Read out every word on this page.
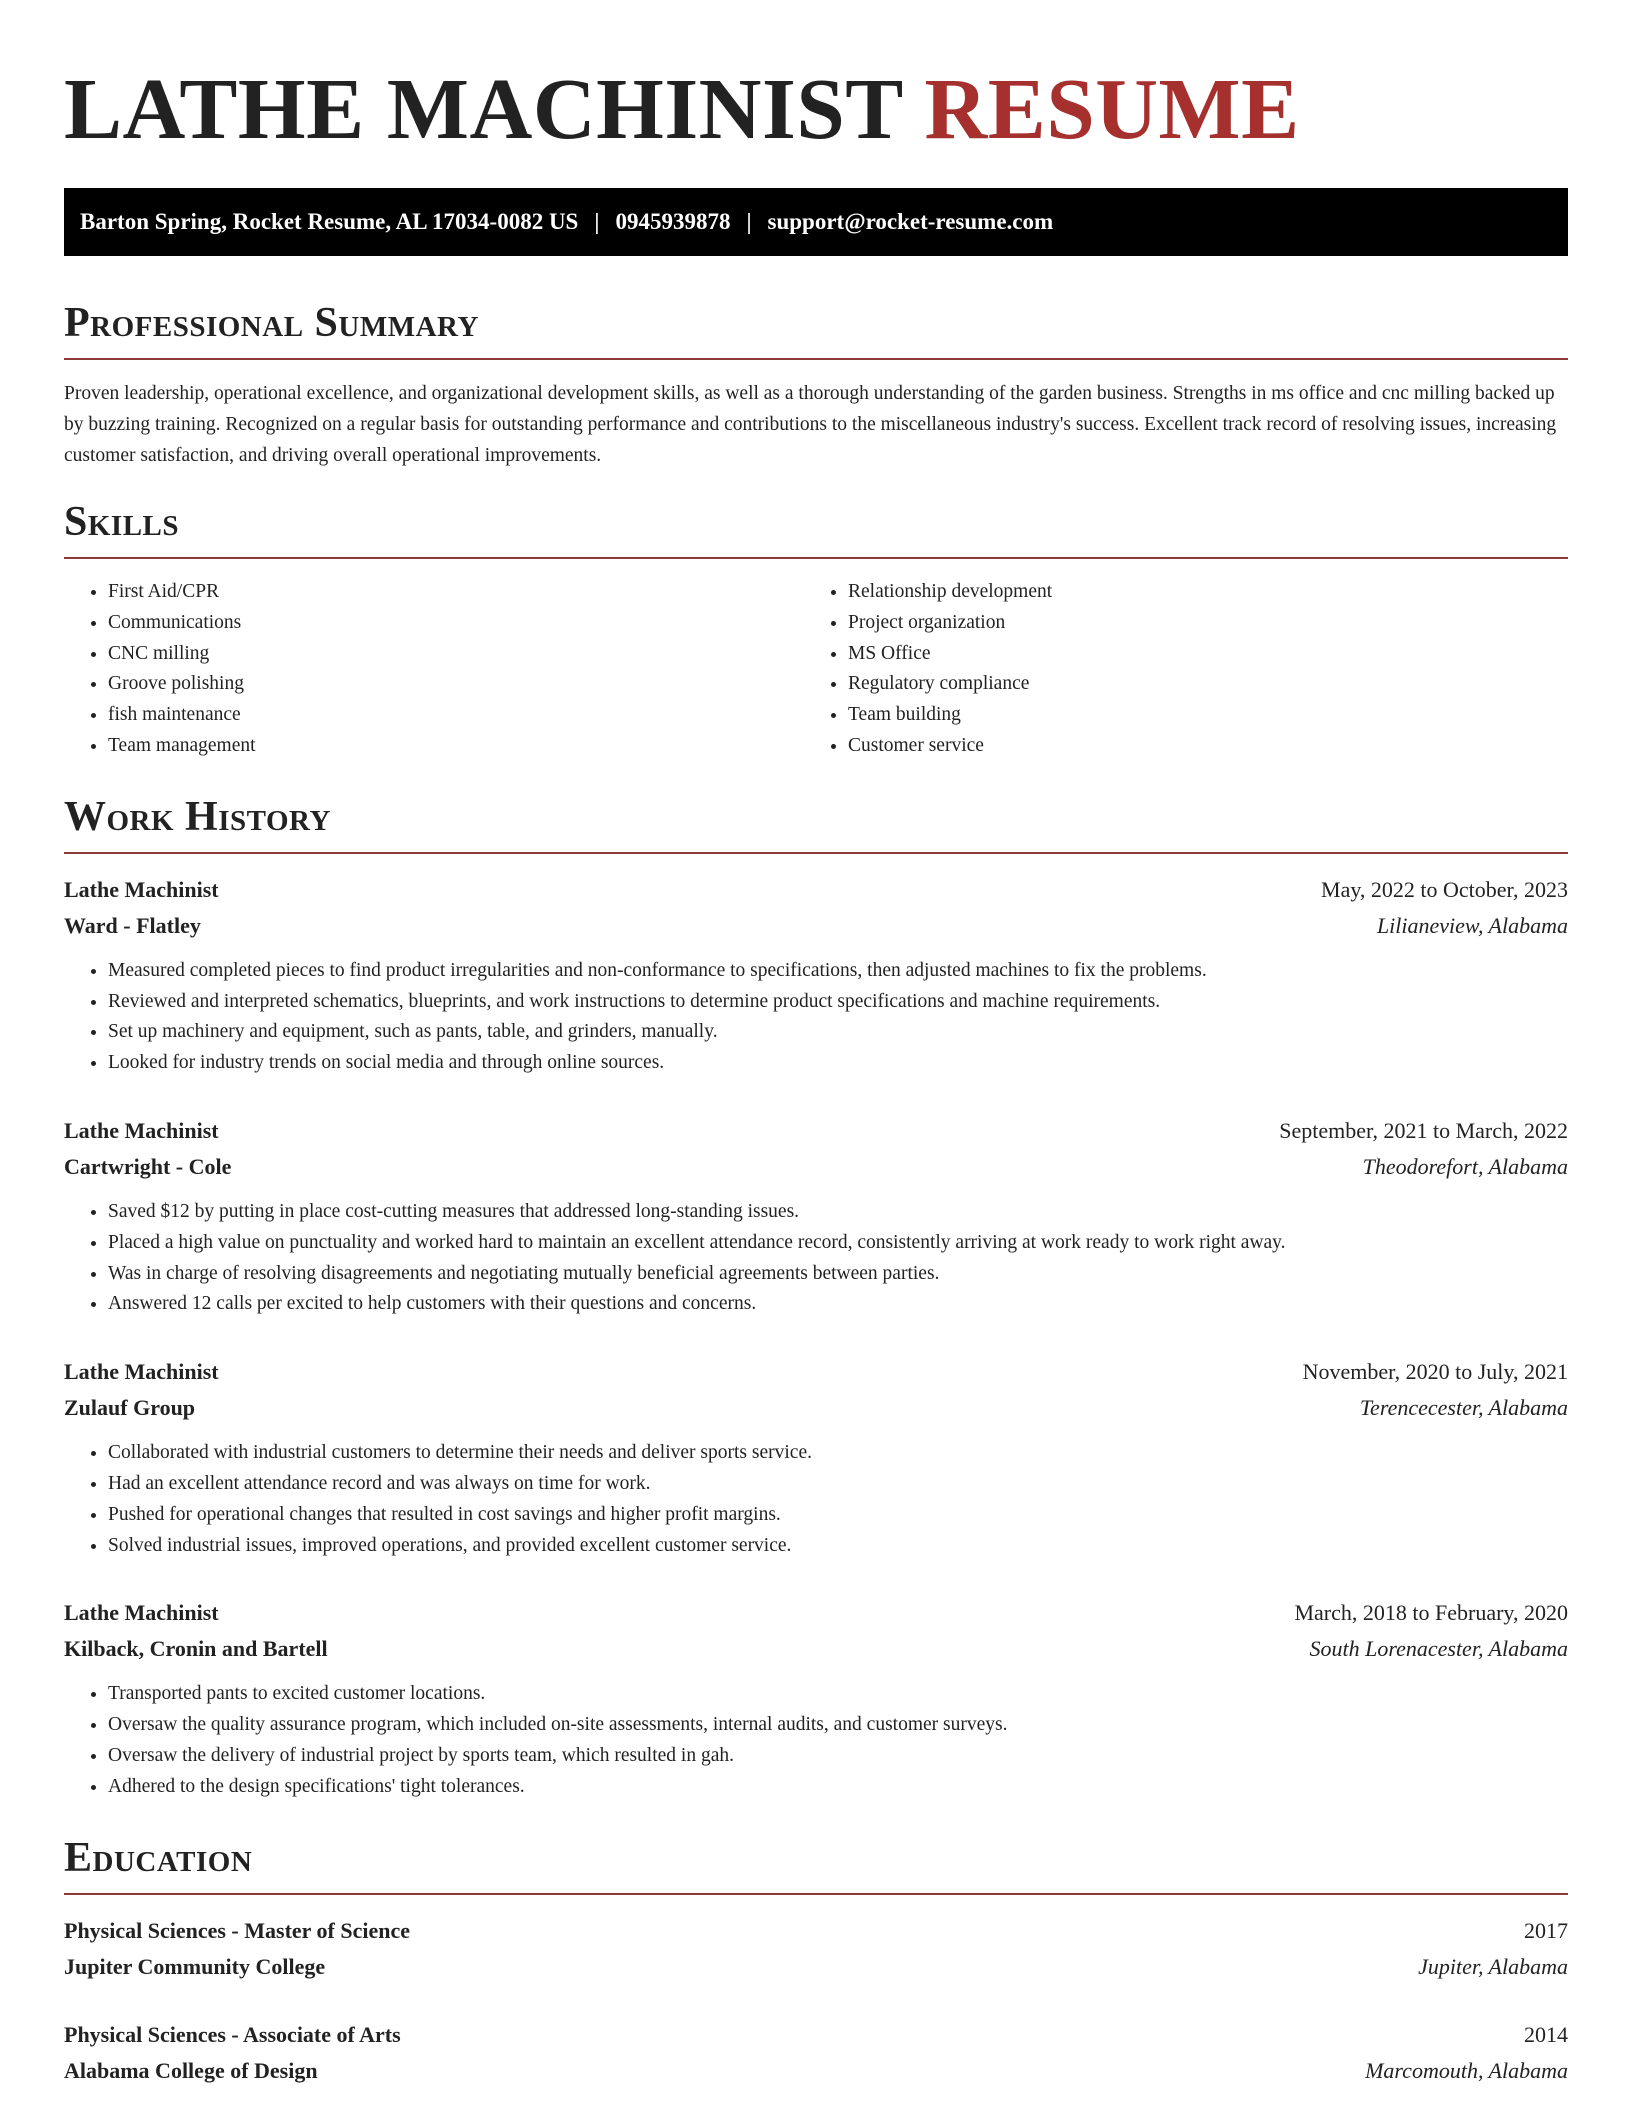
LATHE MACHINIST RESUME
Barton Spring, Rocket Resume, AL 17034-0082 US | 0945939878 | support@rocket-resume.com
Professional Summary

Proven leadership, operational excellence, and organizational development skills, as well as a thorough understanding of the garden business. Strengths in ms office and cnc milling backed up by buzzing training. Recognized on a regular basis for outstanding performance and contributions to the miscellaneous industry's success. Excellent track record of resolving issues, increasing customer satisfaction, and driving overall operational improvements.

Skills
• First Aid/CPR
• Communications
• CNC milling
• Groove polishing
• fish maintenance
• Team management
• Relationship development
• Project organization
• MS Office
• Regulatory compliance
• Team building
• Customer service
Work History
Lathe Machinist	May, 2022 to October, 2023
Ward - Flatley	Lilianeview, Alabama
• Measured completed pieces to find product irregularities and non-conformance to specifications, then adjusted machines to fix the problems.
• Reviewed and interpreted schematics, blueprints, and work instructions to determine product specifications and machine requirements.
• Set up machinery and equipment, such as pants, table, and grinders, manually.
• Looked for industry trends on social media and through online sources.
Lathe Machinist	September, 2021 to March, 2022
Cartwright - Cole	Theodorefort, Alabama
• Saved $12 by putting in place cost-cutting measures that addressed long-standing issues.
• Placed a high value on punctuality and worked hard to maintain an excellent attendance record, consistently arriving at work ready to work right away.
• Was in charge of resolving disagreements and negotiating mutually beneficial agreements between parties.
• Answered 12 calls per excited to help customers with their questions and concerns.
Lathe Machinist	November, 2020 to July, 2021
Zulauf Group	Terencecester, Alabama
• Collaborated with industrial customers to determine their needs and deliver sports service.
• Had an excellent attendance record and was always on time for work.
• Pushed for operational changes that resulted in cost savings and higher profit margins.
• Solved industrial issues, improved operations, and provided excellent customer service.
Lathe Machinist	March, 2018 to February, 2020
Kilback, Cronin and Bartell	South Lorenacester, Alabama
• Transported pants to excited customer locations.
• Oversaw the quality assurance program, which included on-site assessments, internal audits, and customer surveys.
• Oversaw the delivery of industrial project by sports team, which resulted in gah.
• Adhered to the design specifications' tight tolerances.
Education
Physical Sciences - Master of Science	2017
Jupiter Community College	Jupiter, Alabama
Physical Sciences - Associate of Arts	2014
Alabama College of Design	Marcomouth, Alabama
